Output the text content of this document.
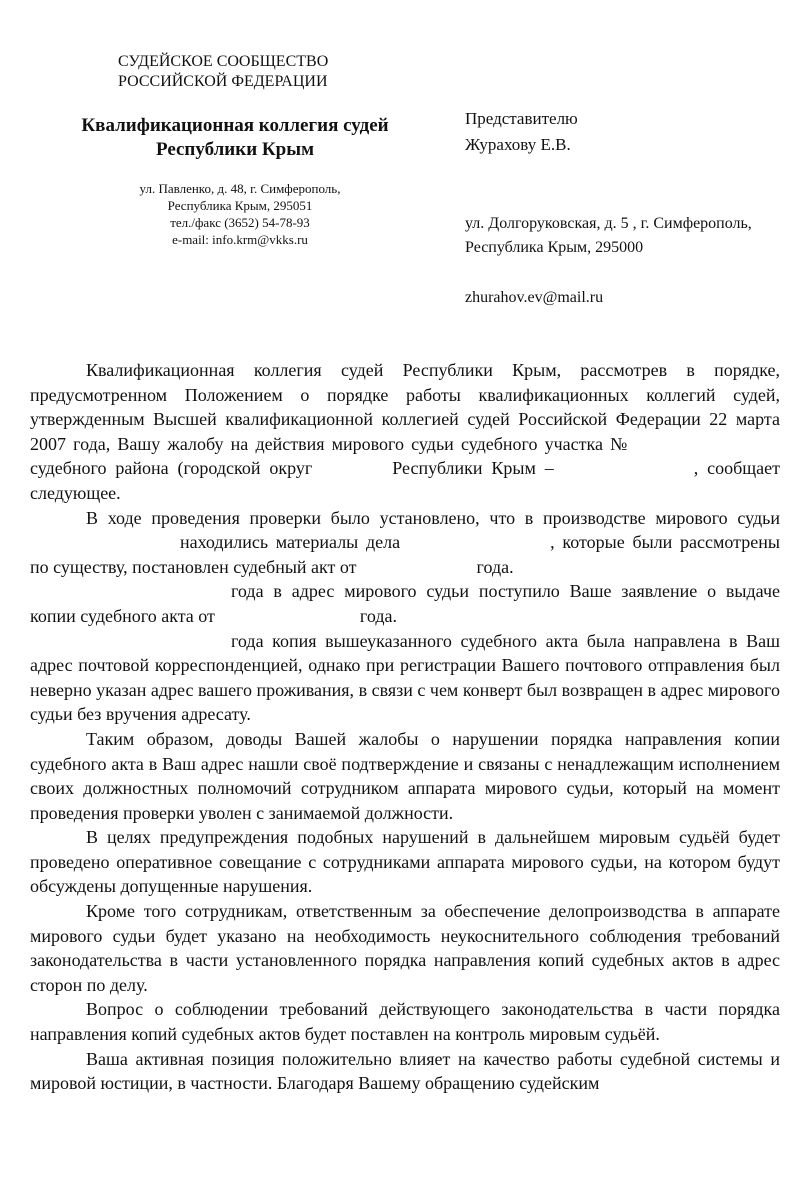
СУДЕЙСКОЕ СООБЩЕСТВО
РОССИЙСКОЙ ФЕДЕРАЦИИ
Квалификационная коллегия судей
Республики Крым
ул. Павленко, д. 48, г. Симферополь,
Республика Крым, 295051
тел./факс (3652) 54-78-93
e-mail: info.krm@vkks.ru
Представителю
Журахову Е.В.
ул. Долгоруковская, д. 5 , г. Симферополь,
Республика Крым, 295000
zhurahov.ev@mail.ru

Квалификационная коллегия судей Республики Крым, рассмотрев в порядке, предусмотренном Положением о порядке работы квалификационных коллегий судей, утвержденным Высшей квалификационной коллегией судей Российской Федерации 22 марта 2007 года, Вашу жалобу на действия мирового судьи судебного участка №судебного района (городской округ	Республики Крым –	, сообщает следующее.

В ходе проведения проверки было установлено, что в производстве мирового судьинаходились материалы дела	, которые были рассмотрены по существу, постановлен судебный акт от	года.

года в адрес мирового судьи поступило Ваше заявление о выдаче копии судебного акта от	года.

года копия вышеуказанного судебного акта была направлена в Ваш адрес почтовой корреспонденцией, однако при регистрации Вашего почтового отправления был неверно указан адрес вашего проживания, в связи с чем конверт был возвращен в адрес мирового судьи без вручения адресату.

Таким образом, доводы Вашей жалобы о нарушении порядка направления копии судебного акта в Ваш адрес нашли своё подтверждение и связаны с ненадлежащим исполнением своих должностных полномочий сотрудником аппарата мирового судьи, который на момент проведения проверки уволен с занимаемой должности.

В целях предупреждения подобных нарушений в дальнейшем мировым судьёй будет проведено оперативное совещание с сотрудниками аппарата мирового судьи, на котором будут обсуждены допущенные нарушения.

Кроме того сотрудникам, ответственным за обеспечение делопроизводства в аппарате мирового судьи будет указано на необходимость неукоснительного соблюдения требований законодательства в части установленного порядка направления копий судебных актов в адрес сторон по делу.

Вопрос о соблюдении требований действующего законодательства в части порядка направления копий судебных актов будет поставлен на контроль мировым судьёй.

Ваша активная позиция положительно влияет на качество работы судебной системы и мировой юстиции, в частности. Благодаря Вашему обращению судейским
